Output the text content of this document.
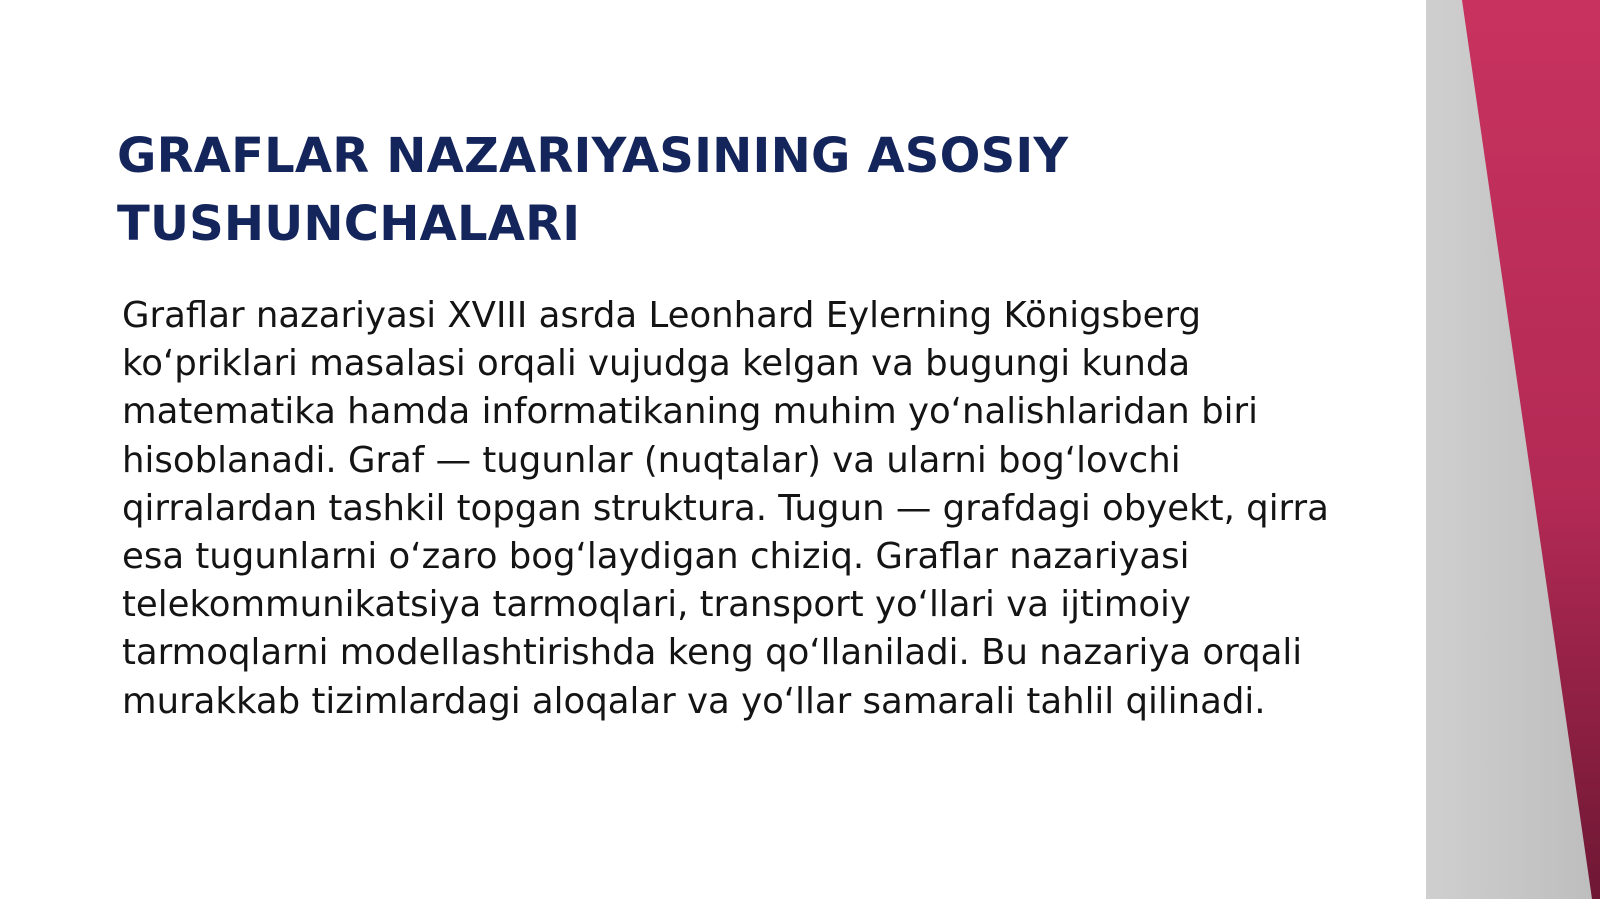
GRAFLAR NAZARIYASINING ASOSIY TUSHUNCHALARI

Graflar nazariyasi XVIII asrda Leonhard Eylerning Königsberg
koʻpriklari masalasi orqali vujudga kelgan va bugungi kunda
matematika hamda informatikaning muhim yoʻnalishlaridan biri
hisoblanadi. Graf — tugunlar (nuqtalar) va ularni bogʻlovchi
qirralardan tashkil topgan struktura. Tugun — grafdagi obyekt, qirra
esa tugunlarni oʻzaro bogʻlaydigan chiziq. Graflar nazariyasi
telekommunikatsiya tarmoqlari, transport yoʻllari va ijtimoiy
tarmoqlarni modellashtirishda keng qoʻllaniladi. Bu nazariya orqali
murakkab tizimlardagi aloqalar va yoʻllar samarali tahlil qilinadi.
